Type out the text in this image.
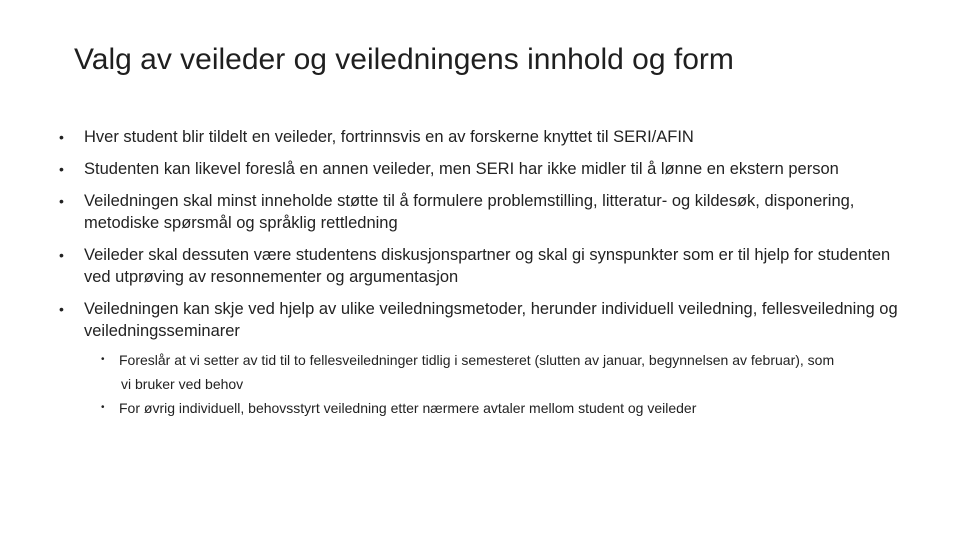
Valg av veileder og veiledningens innhold og form
• Hver student blir tildelt en veileder, fortrinnsvis en av forskerne knyttet til SERI/AFIN
• Studenten kan likevel foreslå en annen veileder, men SERI har ikke midler til å lønne en ekstern person
• Veiledningen skal minst inneholde støtte til å formulere problemstilling, litteratur- og kildesøk, disponering, metodiske spørsmål og språklig rettledning
• Veileder skal dessuten være studentens diskusjonspartner og skal gi synspunkter som er til hjelp for studenten ved utprøving av resonnementer og argumentasjon
• Veiledningen kan skje ved hjelp av ulike veiledningsmetoder, herunder individuell veiledning, fellesveiledning og veiledningsseminarer
• Foreslår at vi setter av tid til to fellesveiledninger tidlig i semesteret (slutten av januar, begynnelsen av februar), som
vi bruker ved behov
• For øvrig individuell, behovsstyrt veiledning etter nærmere avtaler mellom student og veileder
